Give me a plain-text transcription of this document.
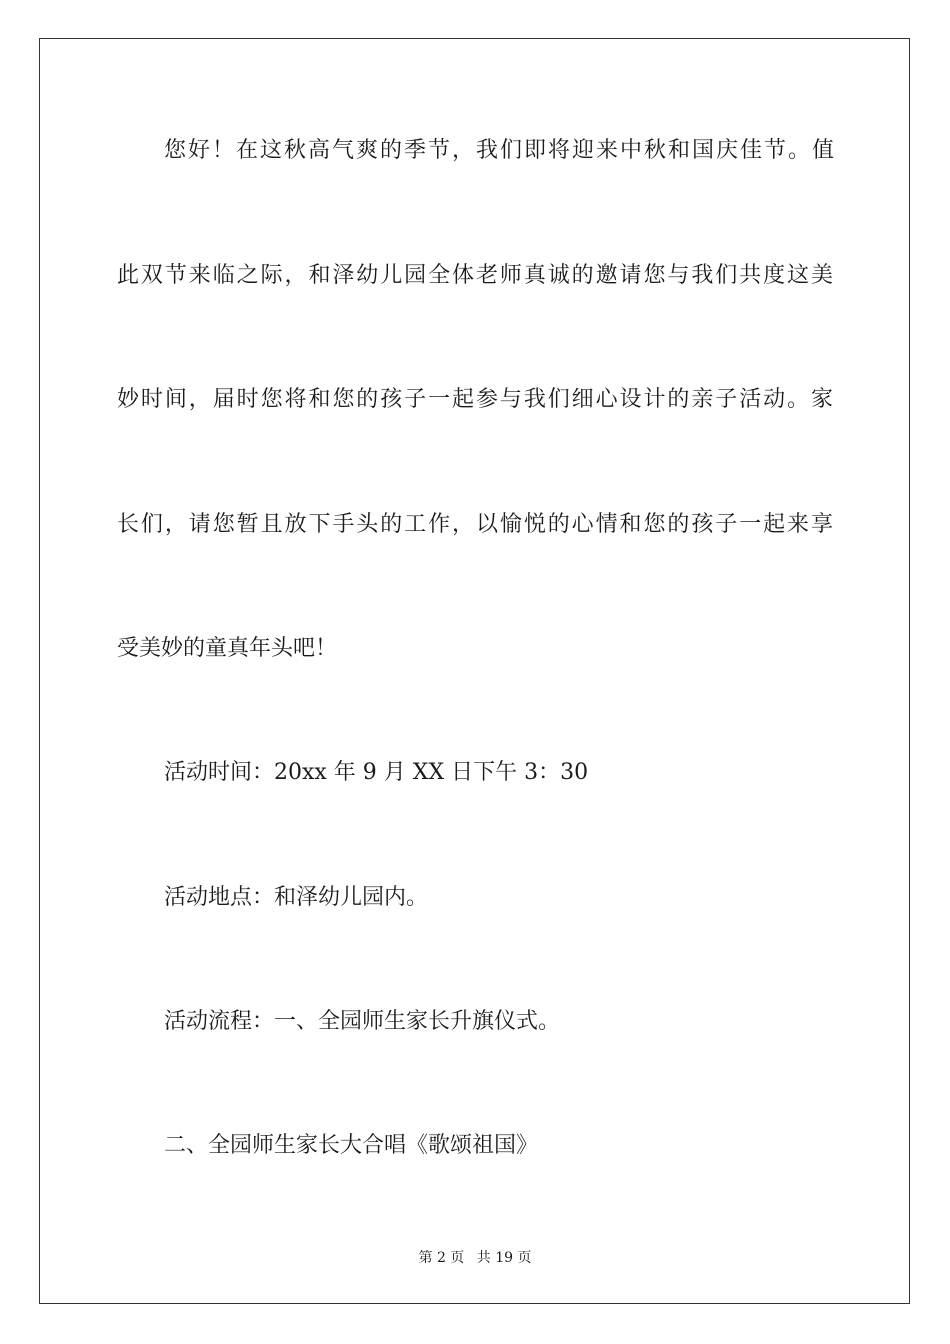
您好！在这秋高气爽的季节，我们即将迎来中秋和国庆佳节。值
此双节来临之际，和泽幼儿园全体老师真诚的邀请您与我们共度这美
妙时间，届时您将和您的孩子一起参与我们细心设计的亲子活动。家
长们，请您暂且放下手头的工作，以愉悦的心情和您的孩子一起来享
受美妙的童真年头吧！
活动时间：20xx 年 9 月 XX 日下午 3：30
活动地点：和泽幼儿园内。
活动流程：一、全园师生家长升旗仪式。
二、全园师生家长大合唱《歌颂祖国》
第 2 页 共 19 页
